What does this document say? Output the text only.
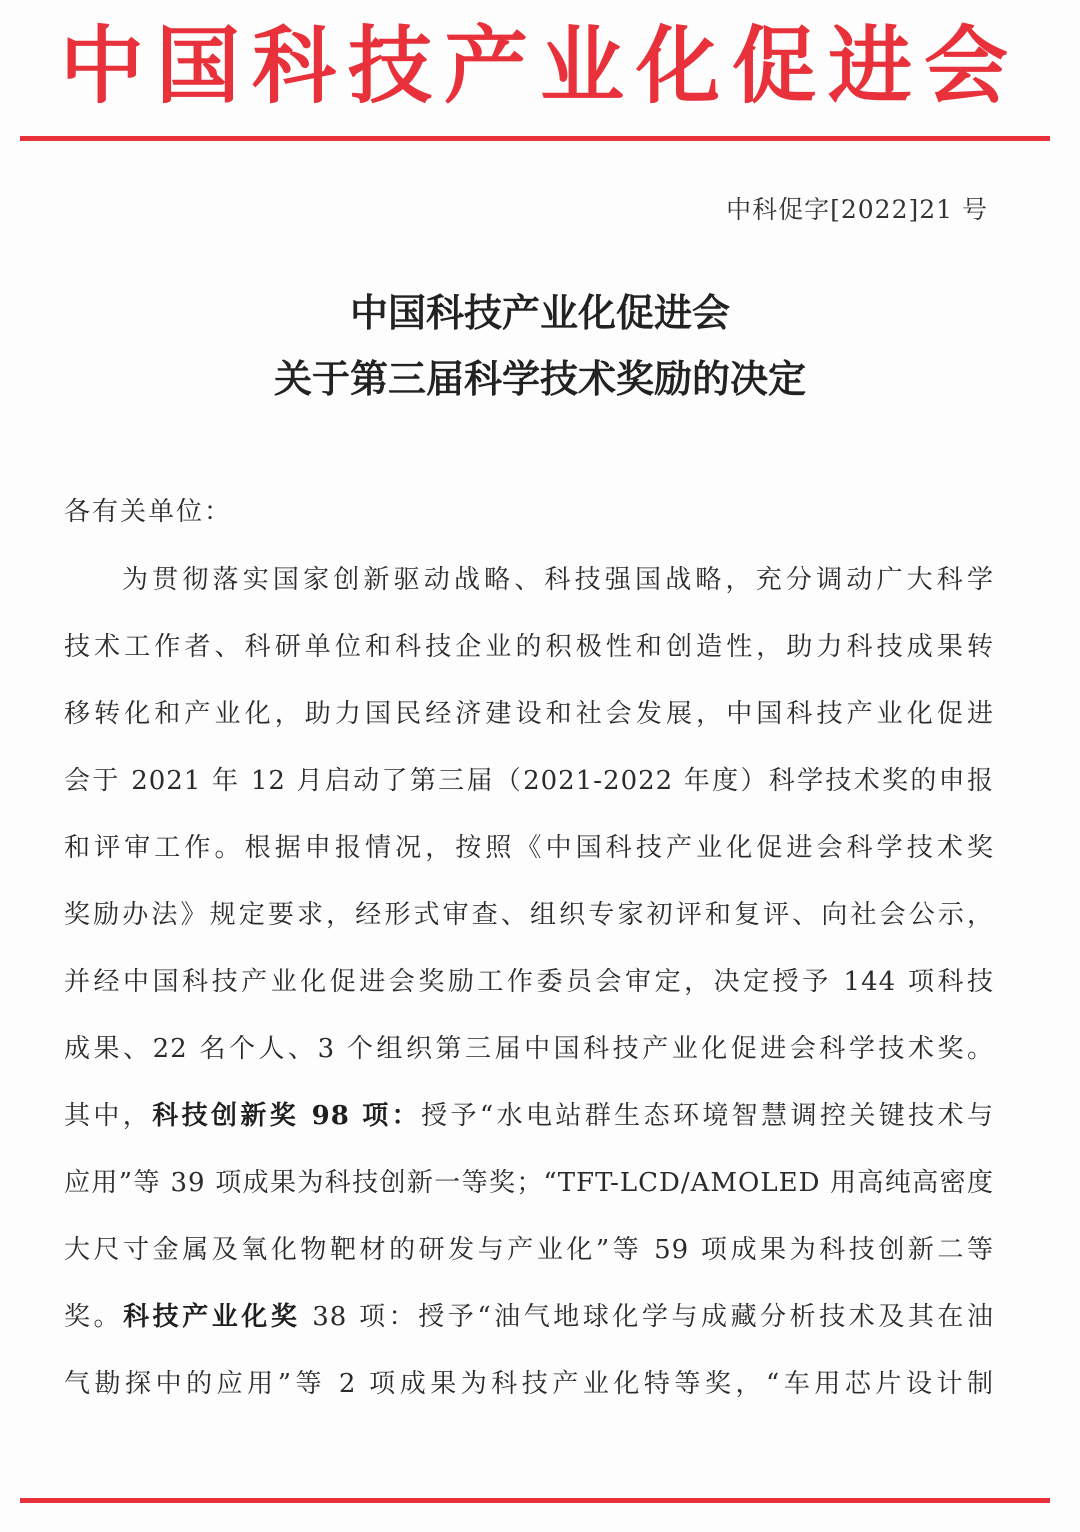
中国科技产业化促进会
中科促字[2022]21 号
中国科技产业化促进会
关于第三届科学技术奖励的决定
各有关单位：
为贯彻落实国家创新驱动战略、科技强国战略，充分调动广大科学
技术工作者、科研单位和科技企业的积极性和创造性，助力科技成果转
移转化和产业化，助力国民经济建设和社会发展，中国科技产业化促进
会于 2021 年 12 月启动了第三届（2021-2022 年度）科学技术奖的申报
和评审工作。根据申报情况，按照《中国科技产业化促进会科学技术奖
奖励办法》规定要求，经形式审查、组织专家初评和复评、向社会公示，
并经中国科技产业化促进会奖励工作委员会审定，决定授予 144 项科技
成果、22 名个人、3 个组织第三届中国科技产业化促进会科学技术奖。
其中，科技创新奖 98 项：授予“水电站群生态环境智慧调控关键技术与
应用”等 39 项成果为科技创新一等奖；“TFT-LCD/AMOLED 用高纯高密度
大尺寸金属及氧化物靶材的研发与产业化”等 59 项成果为科技创新二等
奖。科技产业化奖 38 项：授予“油气地球化学与成藏分析技术及其在油
气勘探中的应用”等 2 项成果为科技产业化特等奖，“车用芯片设计制
